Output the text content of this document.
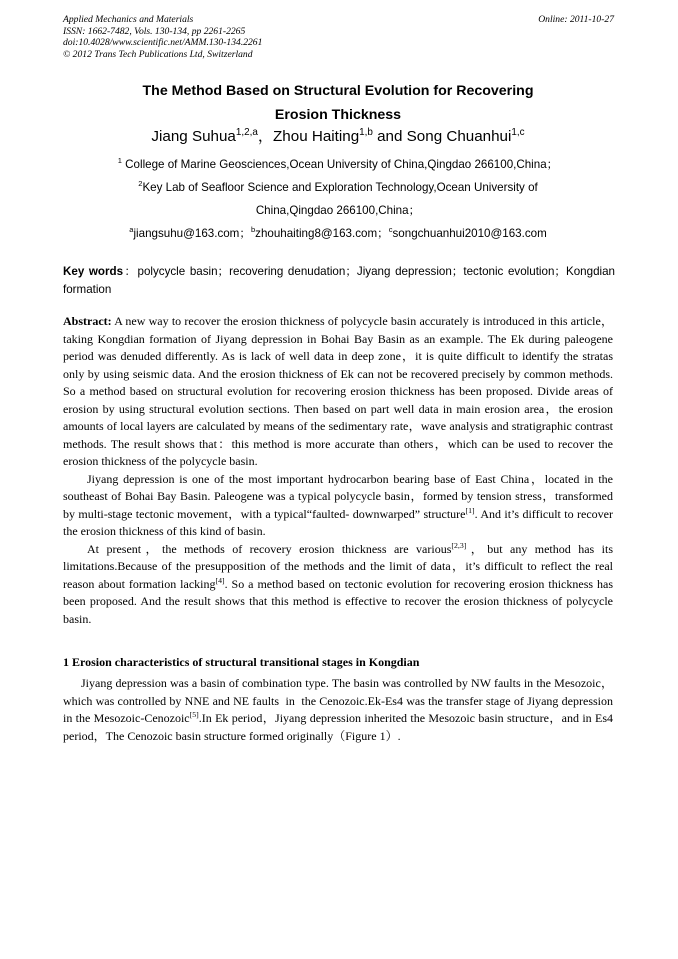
Applied Mechanics and Materials
ISSN: 1662-7482, Vols. 130-134, pp 2261-2265
doi:10.4028/www.scientific.net/AMM.130-134.2261
© 2012 Trans Tech Publications Ltd, Switzerland
Online: 2011-10-27
The Method Based on Structural Evolution for Recovering
Erosion Thickness
Jiang Suhua$^{1,2,a}$，Zhou Haiting$^{1,b}$ and Song Chuanhui$^{1,c}$
$^1$ College of Marine Geosciences,Ocean University of China,Qingdao 266100,China；
$^2$Key Lab of Seafloor Science and Exploration Technology,Ocean University of
China,Qingdao 266100,China；
$^a$jiangsuhu@163.com；$^b$zhouhaiting8@163.com；$^c$songchuanhui2010@163.com
Key words：polycycle basin；recovering denudation；Jiyang depression；tectonic evolution；Kongdian formation

Abstract: A new way to recover the erosion thickness of polycycle basin accurately is introduced in this article，taking Kongdian formation of Jiyang depression in Bohai Bay Basin as an example. The Ek during paleogene period was denuded differently. As is lack of well data in deep zone，it is quite difficult to identify the stratas only by using seismic data. And the erosion thickness of Ek can not be recovered precisely by common methods. So a method based on structural evolution for recovering erosion thickness has been proposed. Divide areas of erosion by using structural evolution sections. Then based on part well data in main erosion area，the erosion amounts of local layers are calculated by means of the sedimentary rate，wave analysis and stratigraphic contrast methods. The result shows that：this method is more accurate than others，which can be used to recover the erosion thickness of the polycycle basin.

Jiyang depression is one of the most important hydrocarbon bearing base of East China，located in the southeast of Bohai Bay Basin. Paleogene was a typical polycycle basin，formed by tension stress，transformed by multi-stage tectonic movement，with a typical“faulted- downwarped” structure[1]. And it’s difficult to recover the erosion thickness of this kind of basin.

At present，the methods of recovery erosion thickness are various[2,3]，but any method has its limitations.Because of the presupposition of the methods and the limit of data，it’s difficult to reflect the real reason about formation lacking[4]. So a method based on tectonic evolution for recovering erosion thickness has been proposed. And the result shows that this method is effective to recover the erosion thickness of polycycle basin.

1 Erosion characteristics of structural transitional stages in Kongdian

Jiyang depression was a basin of combination type. The basin was controlled by NW faults in the Mesozoic，which was controlled by NNE and NE faults  in  the Cenozoic.Ek-Es4 was the transfer stage of Jiyang depression in the Mesozoic-Cenozoic[5].In Ek period，Jiyang depression inherited the Mesozoic basin structure，and in Es4 period，The Cenozoic basin structure formed originally（Figure 1）.
